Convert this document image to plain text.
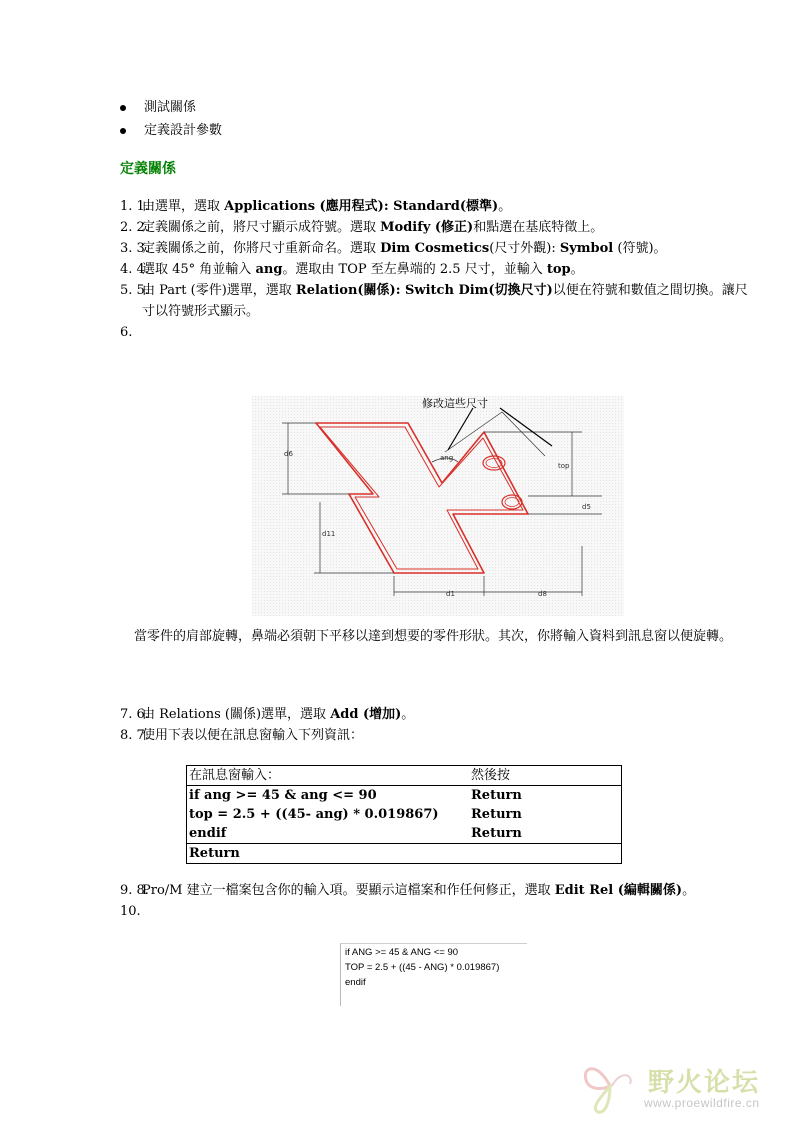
測試關係
定義設計參數
定義關係
1. 1.
由選單，選取 Applications (應用程式): Standard(標準)。
2. 2.
定義關係之前，將尺寸顯示成符號。選取 Modify (修正)和點選在基底特徵上。
3. 3.
定義關係之前，你將尺寸重新命名。選取 Dim Cosmetics(尺寸外觀): Symbol (符號)。
4. 4.
選取 45° 角並輸入 ang。選取由 TOP 至左鼻端的 2.5 尺寸，並輸入 top。
5. 5.
由 Part (零件)選單，選取 Relation(關係): Switch Dim(切換尺寸)以便在符號和數值之間切換。讓尺寸以符號形式顯示。
6.

修改這些尺寸
d6
d11
d1	d8
d5
top
ang
當零件的肩部旋轉，鼻端必須朝下平移以達到想要的零件形狀。其次，你將輸入資料到訊息窗以便旋轉。
7. 6.
由 Relations (關係)選單，選取 Add (增加)。
8. 7.
使用下表以便在訊息窗輸入下列資訊：
在訊息窗輸入：	然後按
if ang >= 45 & ang <= 90	Return
top = 2.5 + ((45- ang) * 0.019867)	Return
endif	Return
Return	
9. 8.
Pro/M 建立一檔案包含你的輸入項。要顯示這檔案和作任何修正，選取 Edit Rel (編輯關係)。
10.

if ANG >= 45 & ANG <= 90
TOP = 2.5 + ((45 - ANG) * 0.019867)
endif
野火论坛
www.proewildfire.cn
